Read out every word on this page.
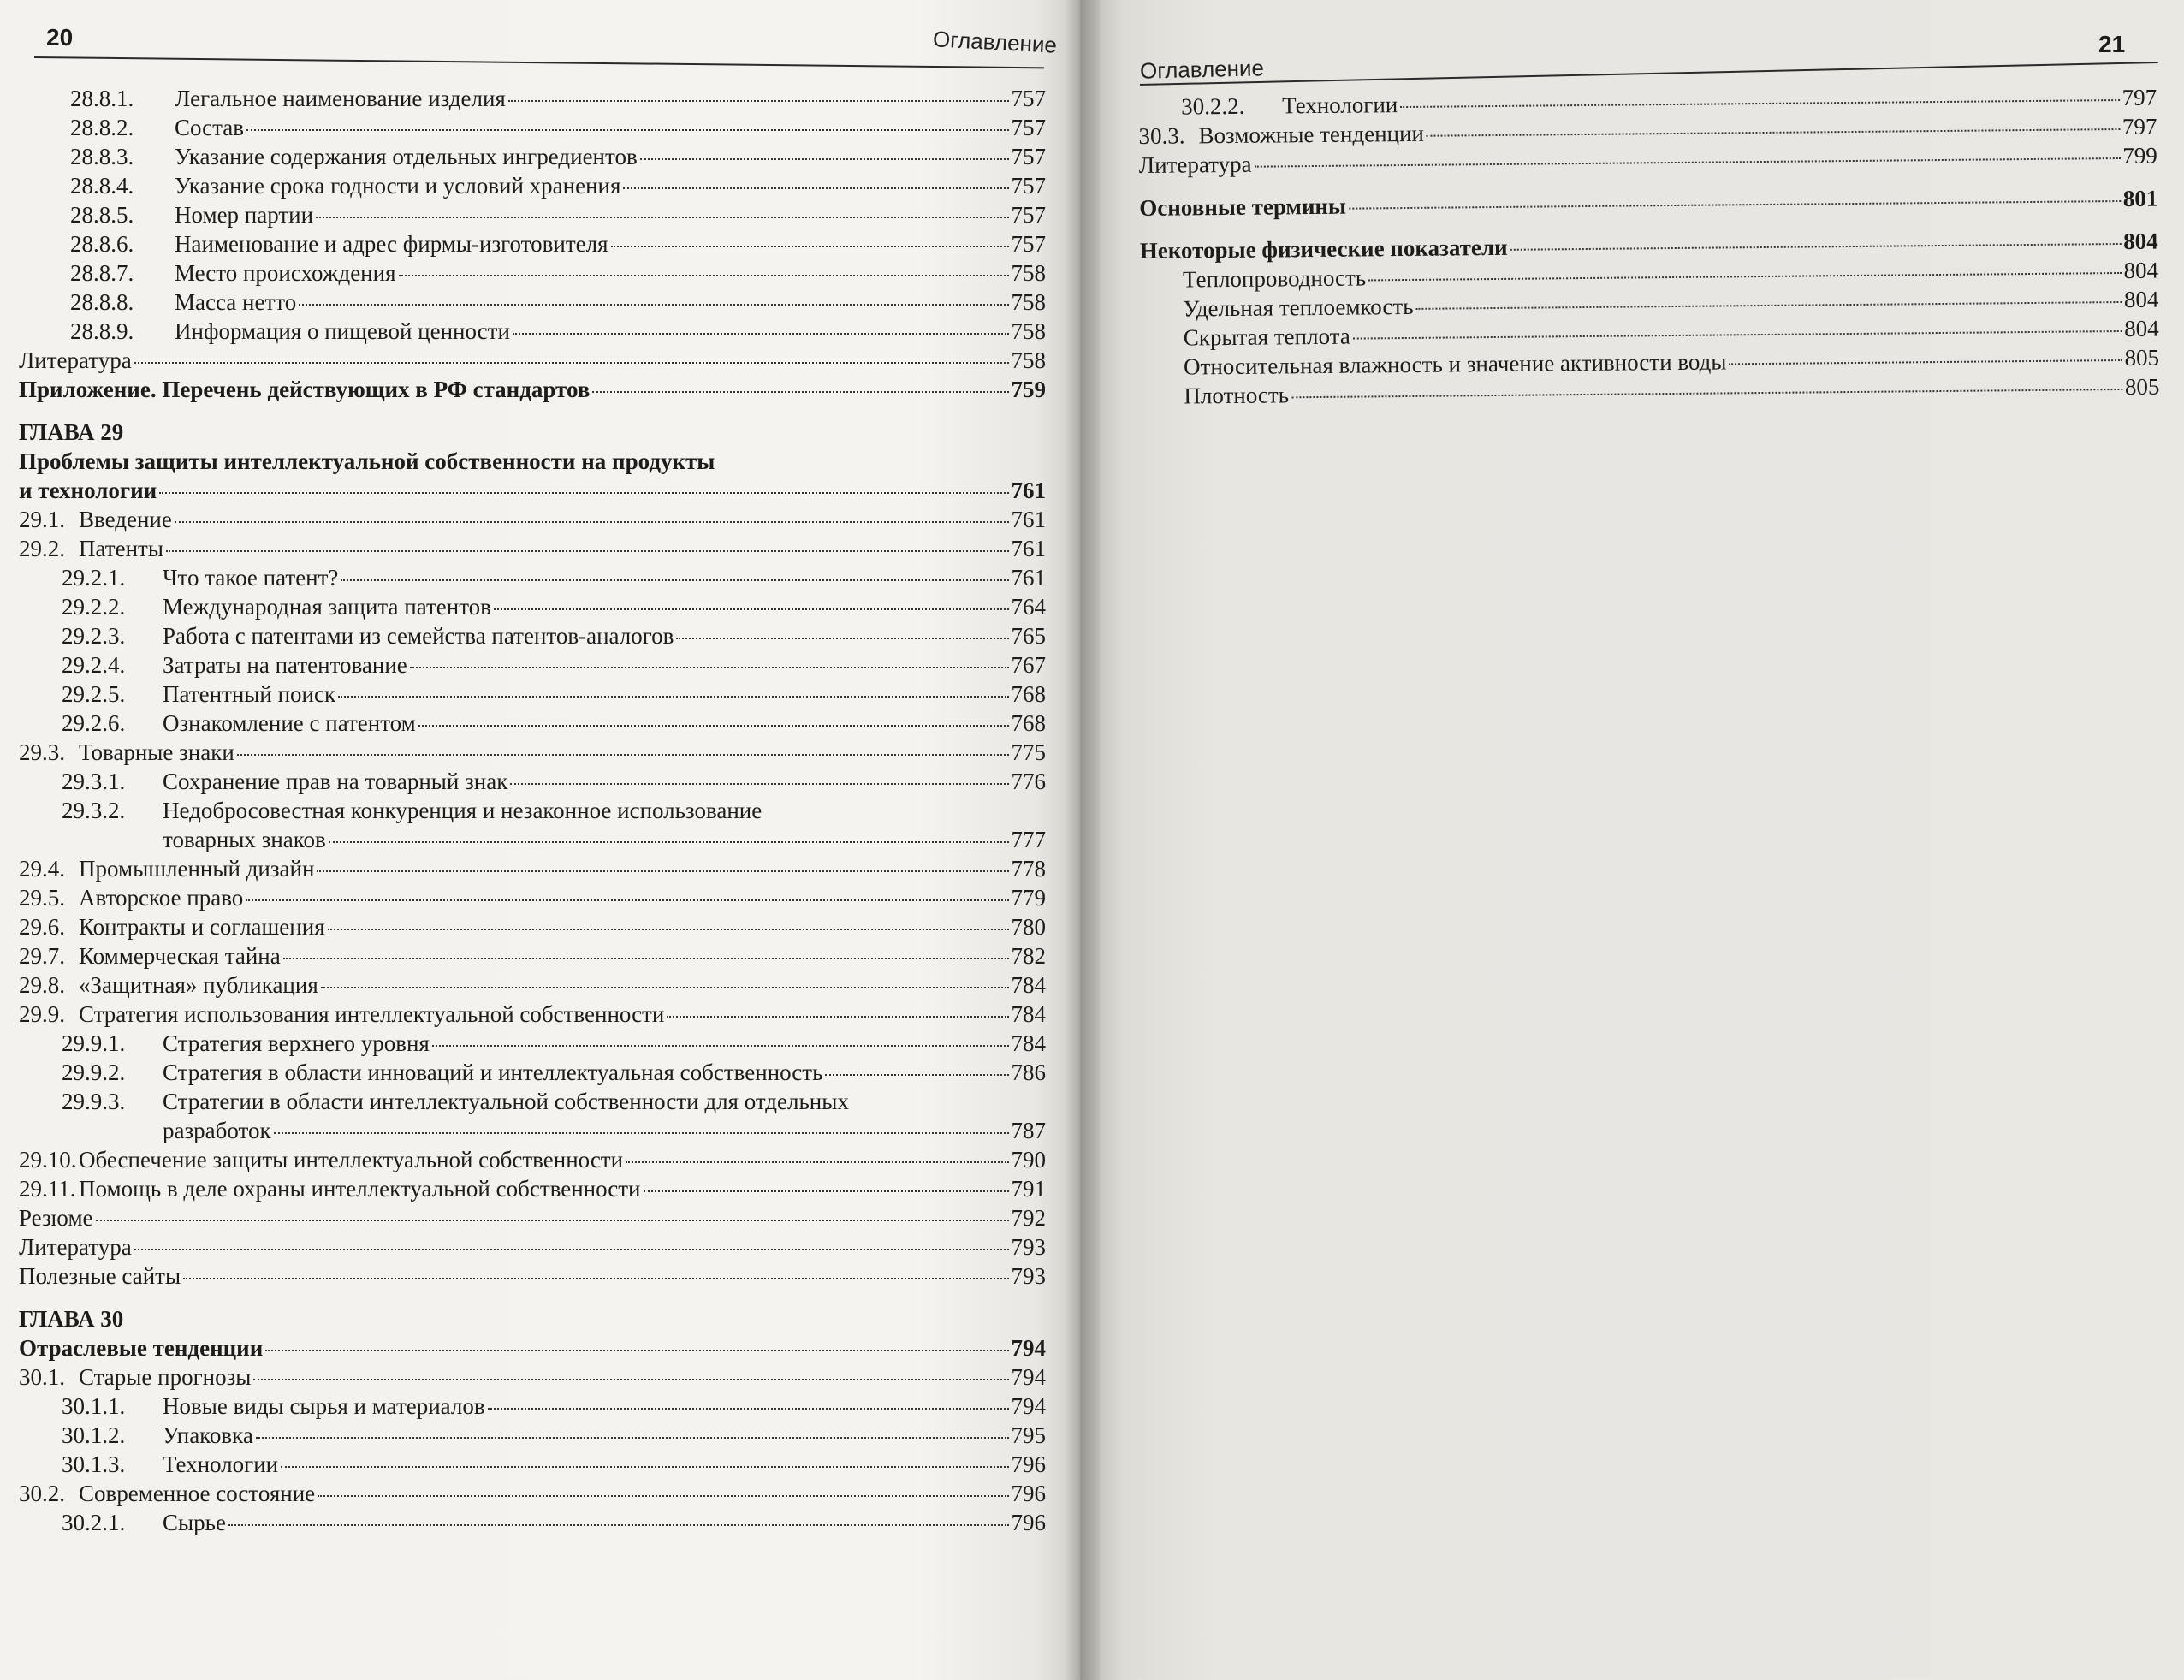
20	Оглавление
28.8.1.	Легальное наименование изделия	757
28.8.2.	Состав	757
28.8.3.	Указание содержания отдельных ингредиентов	757
28.8.4.	Указание срока годности и условий хранения	757
28.8.5.	Номер партии	757
28.8.6.	Наименование и адрес фирмы-изготовителя	757
28.8.7.	Место происхождения	758
28.8.8.	Масса нетто	758
28.8.9.	Информация о пищевой ценности	758
Литература	758
Приложение. Перечень действующих в РФ стандартов	759
ГЛАВА 29
Проблемы защиты интеллектуальной собственности на продукты
и технологии	761
29.1. Введение	761
29.2. Патенты	761
29.2.1.	Что такое патент?	761
29.2.2.	Международная защита патентов	764
29.2.3.	Работа с патентами из семейства патентов-аналогов	765
29.2.4.	Затраты на патентование	767
29.2.5.	Патентный поиск	768
29.2.6.	Ознакомление с патентом	768
29.3. Товарные знаки	775
29.3.1.	Сохранение прав на товарный знак	776
29.3.2.	Недобросовестная конкуренция и незаконное использование
товарных знаков	777
29.4. Промышленный дизайн	778
29.5. Авторское право	779
29.6. Контракты и соглашения	780
29.7. Коммерческая тайна	782
29.8. «Защитная» публикация	784
29.9. Стратегия использования интеллектуальной собственности	784
29.9.1.	Стратегия верхнего уровня	784
29.9.2.	Стратегия в области инноваций и интеллектуальная собственность	786
29.9.3.	Стратегии в области интеллектуальной собственности для отдельных
разработок	787
29.10. Обеспечение защиты интеллектуальной собственности	790
29.11. Помощь в деле охраны интеллектуальной собственности	791
Резюме	792
Литература	793
Полезные сайты	793
ГЛАВА 30
Отраслевые тенденции	794
30.1. Старые прогнозы	794
30.1.1.	Новые виды сырья и материалов	794
30.1.2.	Упаковка	795
30.1.3.	Технологии	796
30.2. Современное состояние	796
30.2.1.	Сырье	796
Оглавление
21
30.2.2.	Технологии	797
30.3. Возможные тенденции	797
Литература	799
Основные термины	801
Некоторые физические показатели	804
Теплопроводность	804
Удельная теплоемкость	804
Скрытая теплота	804
Относительная влажность и значение активности воды	805
Плотность	805
